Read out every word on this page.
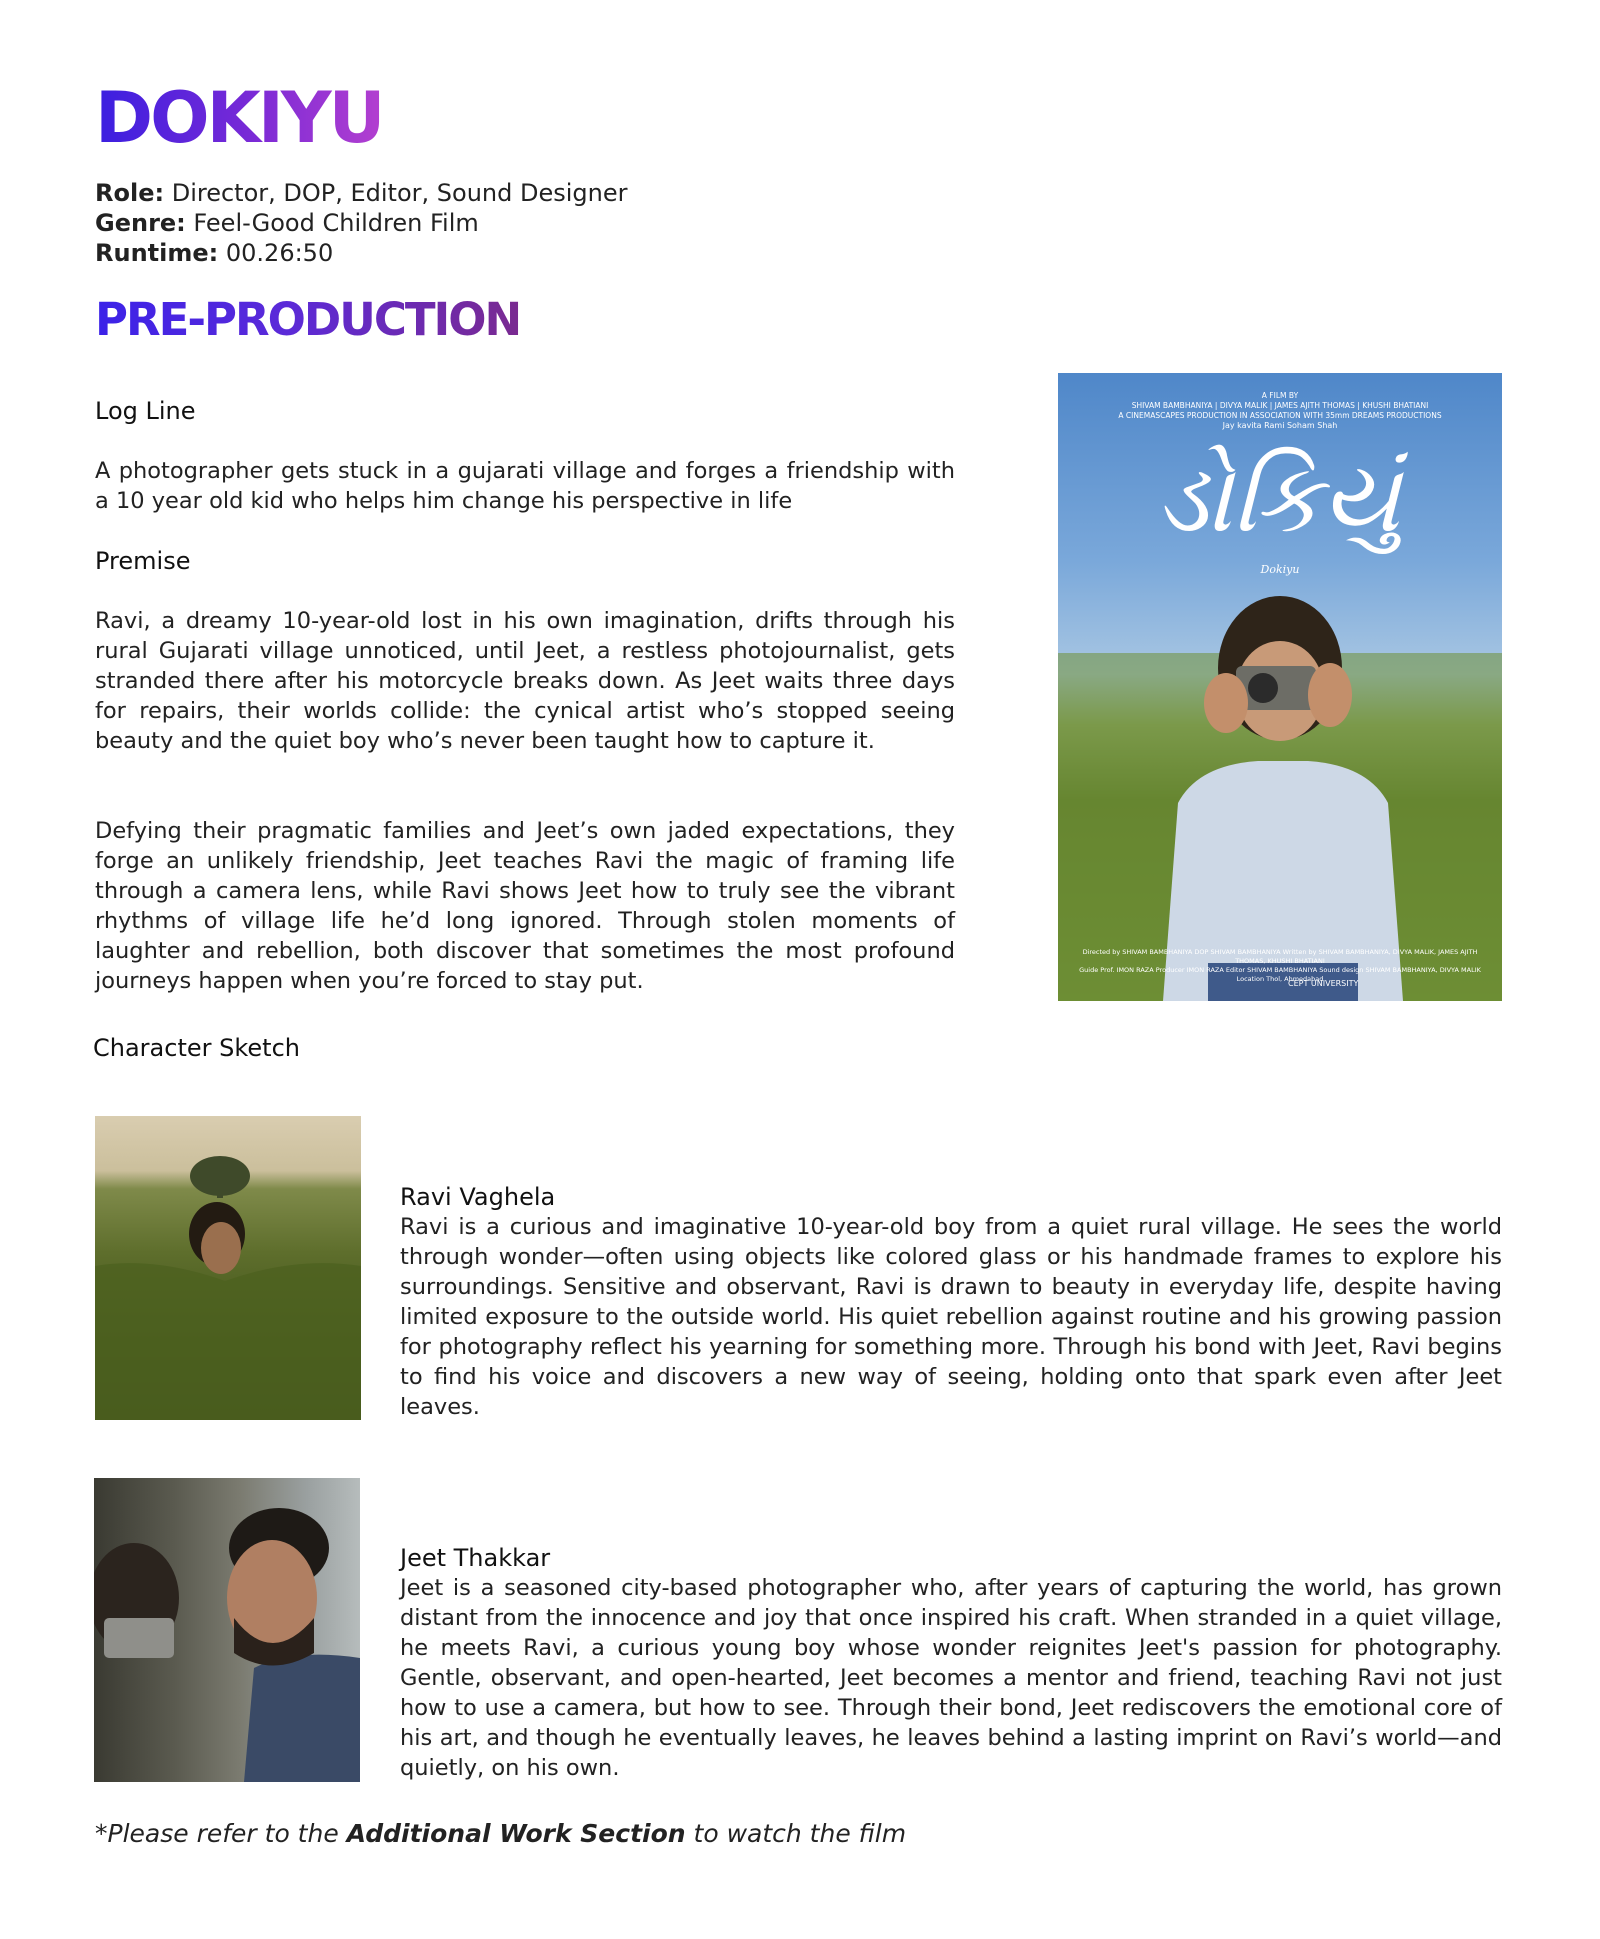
DOKIYU
Role: Director, DOP, Editor, Sound Designer
Genre: Feel-Good Children Film
Runtime: 00.26:50
PRE-PRODUCTION
Log Line
A photographer gets stuck in a gujarati village and forges a friendship with a 10 year old kid who helps him change his perspective in life
Premise
Ravi, a dreamy 10-year-old lost in his own imagination, drifts through his rural Gujarati village unnoticed, until Jeet, a restless photojournalist, gets stranded there after his motorcycle breaks down. As Jeet waits three days for repairs, their worlds collide: the cynical artist who’s stopped seeing beauty and the quiet boy who’s never been taught how to capture it.
Defying their pragmatic families and Jeet’s own jaded expectations, they forge an unlikely friendship, Jeet teaches Ravi the magic of framing life through a camera lens, while Ravi shows Jeet how to truly see the vibrant rhythms of village life he’d long ignored. Through stolen moments of laughter and rebellion, both discover that sometimes the most profound journeys happen when you’re forced to stay put.
A FILM BY
SHIVAM BAMBHANIYA | DIVYA MALIK | JAMES AJITH THOMAS | KHUSHI BHATIANI
A CINEMASCAPES PRODUCTION IN ASSOCIATION WITH 35mm DREAMS PRODUCTIONS
Jay kavita Rami Soham Shah
ડોકિયું
Dokiyu
Directed by SHIVAM BAMBHANIYA DOP SHIVAM BAMBHANIYA Written by SHIVAM BAMBHANIYA, DIVYA MALIK, JAMES AJITH THOMAS, KHUSHI BHATIANI
Guide Prof. IMON RAZA Producer IMON RAZA Editor SHIVAM BAMBHANIYA Sound design SHIVAM BAMBHANIYA, DIVYA MALIK Location Thol, Ahmedabad
CEPT UNIVERSITY
Character Sketch
Ravi Vaghela
Ravi is a curious and imaginative 10-year-old boy from a quiet rural village. He sees the world through wonder—often using objects like colored glass or his handmade frames to explore his surroundings. Sensitive and observant, Ravi is drawn to beauty in everyday life, despite having limited exposure to the outside world. His quiet rebellion against routine and his growing passion for photography reflect his yearning for something more. Through his bond with Jeet, Ravi begins to find his voice and discovers a new way of seeing, holding onto that spark even after Jeet leaves.
Jeet Thakkar
Jeet is a seasoned city-based photographer who, after years of capturing the world, has grown distant from the innocence and joy that once inspired his craft. When stranded in a quiet village, he meets Ravi, a curious young boy whose wonder reignites Jeet's passion for photography. Gentle, observant, and open-hearted, Jeet becomes a mentor and friend, teaching Ravi not just how to use a camera, but how to see. Through their bond, Jeet rediscovers the emotional core of his art, and though he eventually leaves, he leaves behind a lasting imprint on Ravi’s world—and quietly, on his own.
*Please refer to the Additional Work Section to watch the film
